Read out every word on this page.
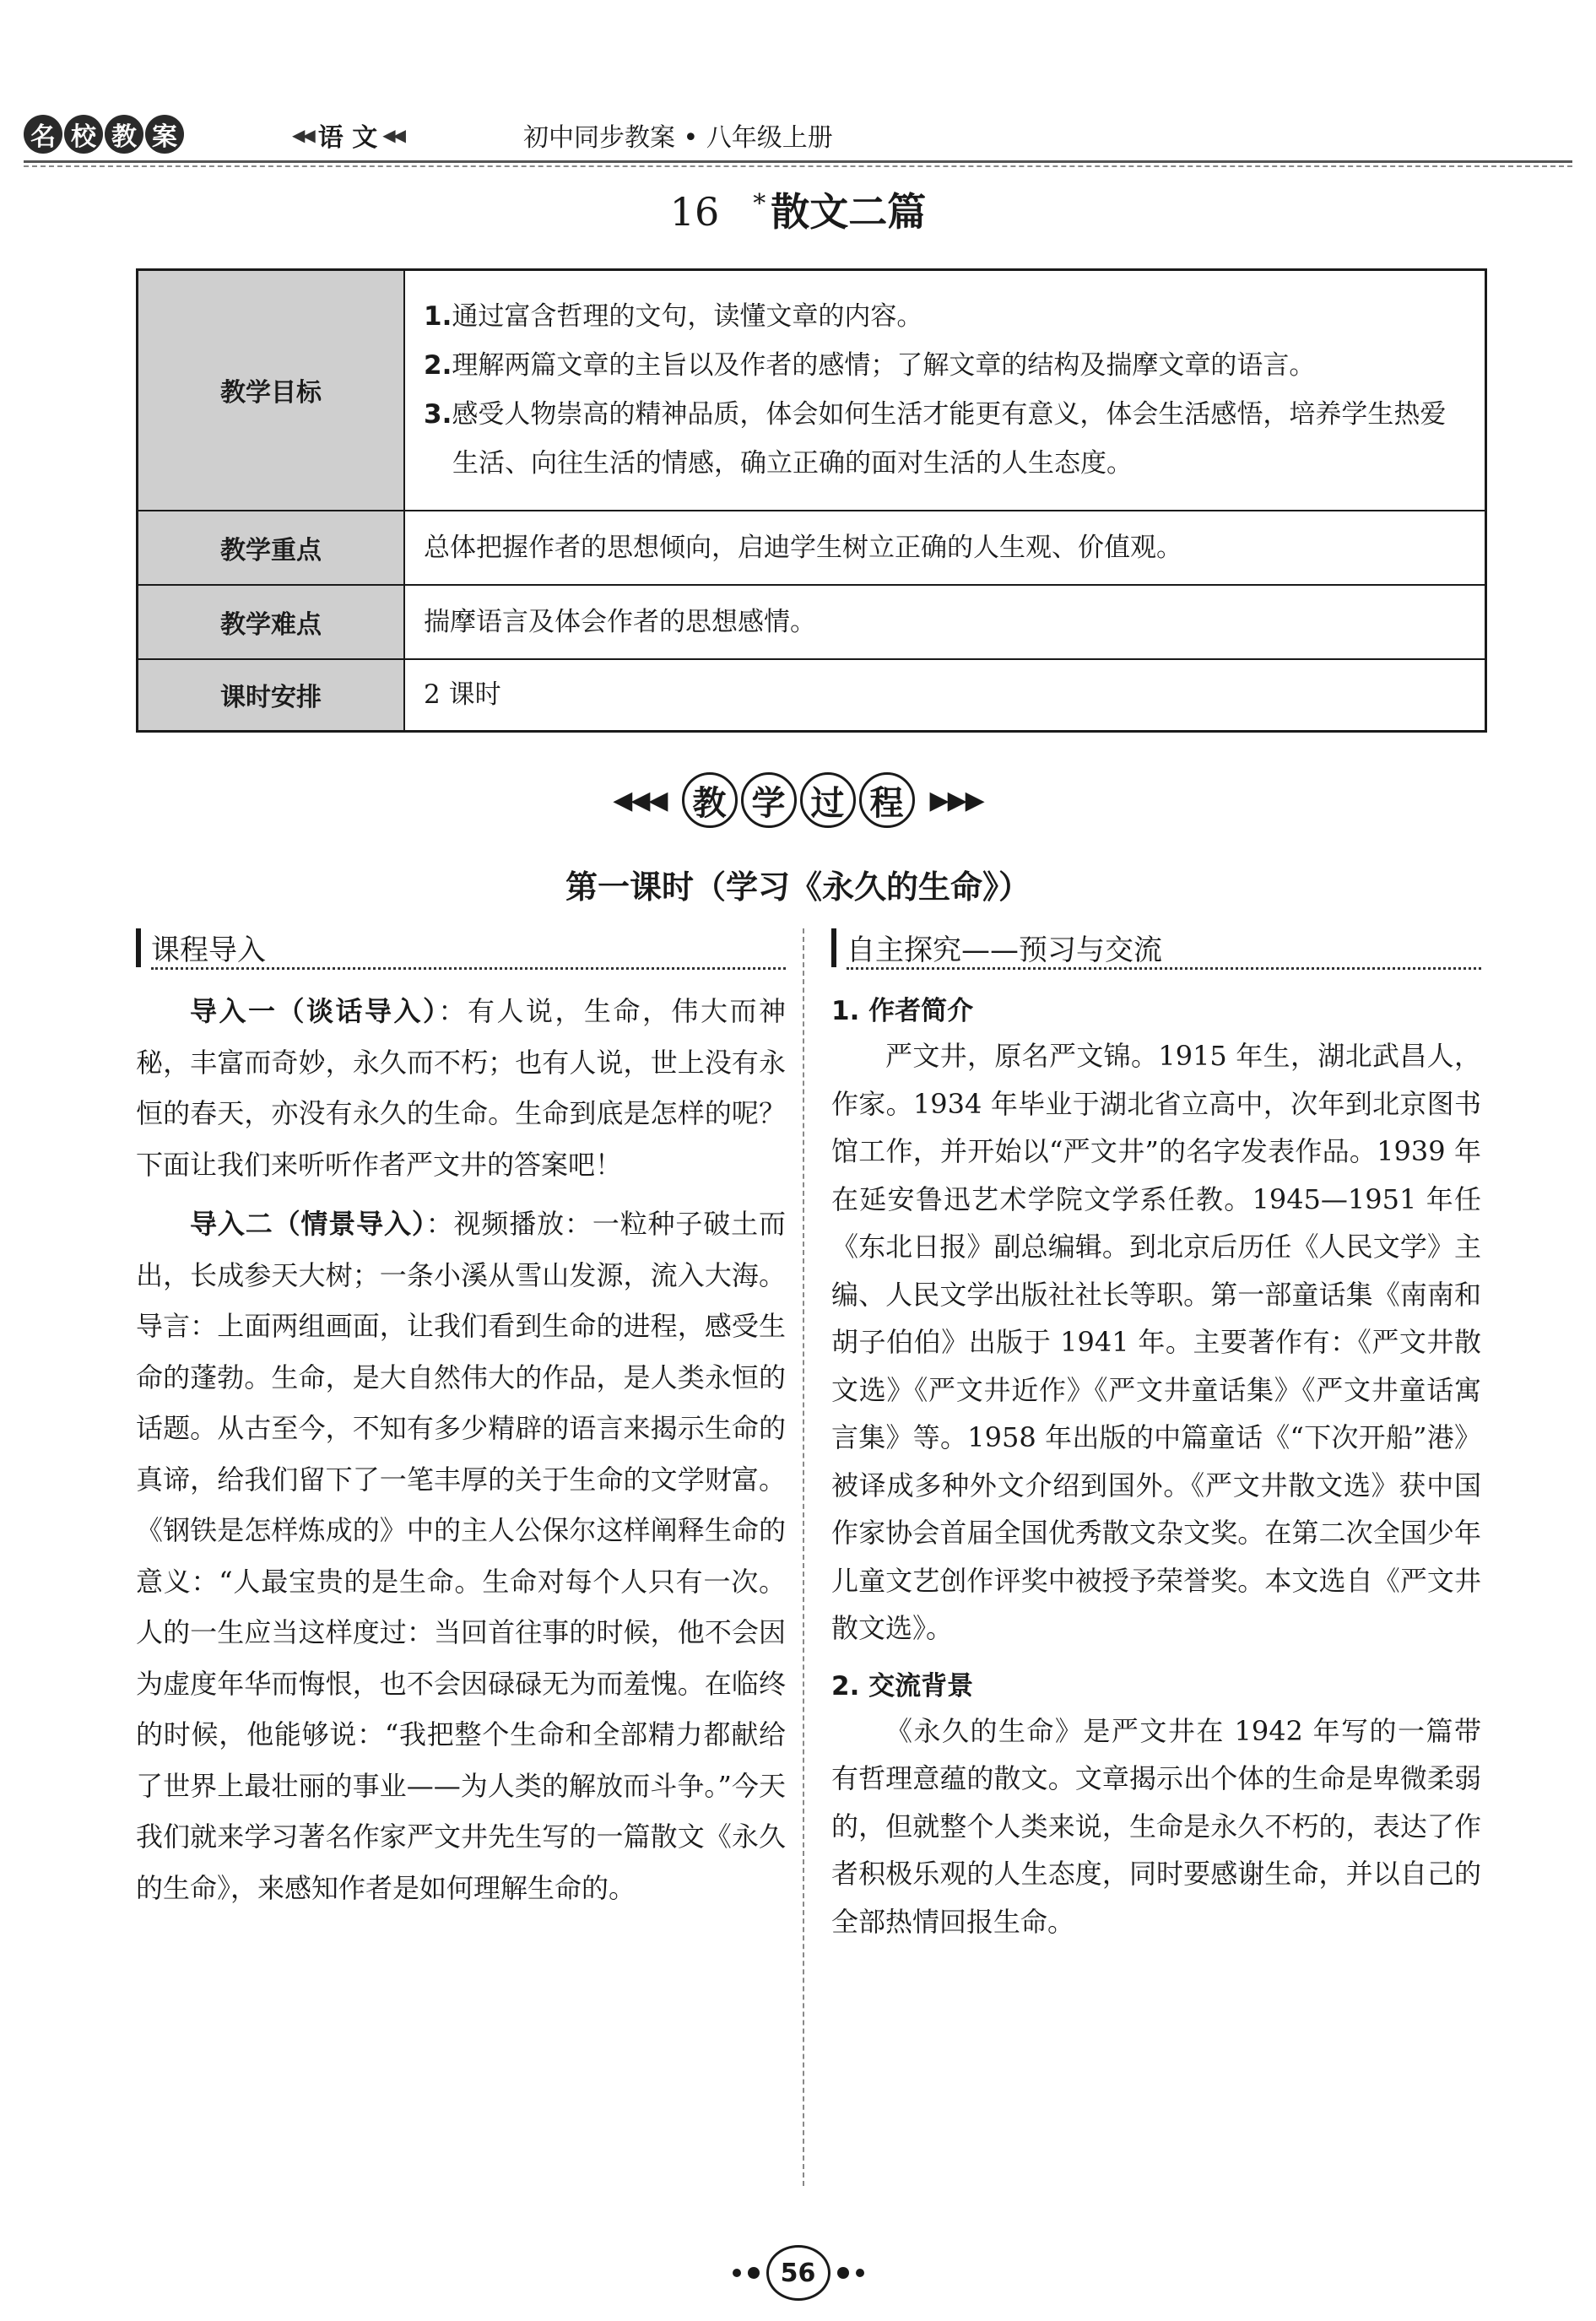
名 校 教 案	◀◀ 语 文 ◀◀	初中同步教案 • 八年级上册
16 * 散文二篇
教学目标	1.通过富含哲理的文句，读懂文章的内容。
2.理解两篇文章的主旨以及作者的感情；了解文章的结构及揣摩文章的语言。
3.感受人物崇高的精神品质，体会如何生活才能更有意义，体会生活感悟，培养学生热爱生活、向往生活的情感，确立正确的面对生活的人生态度。

教学重点	总体把握作者的思想倾向，启迪学生树立正确的人生观、价值观。
教学难点	揣摩语言及体会作者的思想感情。
课时安排	2 课时
◀◀◀ 教 学 过 程	▶▶▶
第一课时（学习《永久的生命》）
课程导入

导入一（谈话导入）：有人说，生命，伟大而神秘，丰富而奇妙，永久而不朽；也有人说，世上没有永恒的春天，亦没有永久的生命。生命到底是怎样的呢？下面让我们来听听作者严文井的答案吧！

导入二（情景导入）：视频播放：一粒种子破土而出，长成参天大树；一条小溪从雪山发源，流入大海。导言：上面两组画面，让我们看到生命的进程，感受生命的蓬勃。生命，是大自然伟大的作品，是人类永恒的话题。从古至今，不知有多少精辟的语言来揭示生命的真谛，给我们留下了一笔丰厚的关于生命的文学财富。《钢铁是怎样炼成的》中的主人公保尔这样阐释生命的意义：“人最宝贵的是生命。生命对每个人只有一次。人的一生应当这样度过：当回首往事的时候，他不会因为虚度年华而悔恨，也不会因碌碌无为而羞愧。在临终的时候，他能够说：“我把整个生命和全部精力都献给了世界上最壮丽的事业——为人类的解放而斗争。”今天我们就来学习著名作家严文井先生写的一篇散文《永久的生命》，来感知作者是如何理解生命的。

自主探究——预习与交流
1. 作者简介

严文井，原名严文锦。1915 年生，湖北武昌人，作家。1934 年毕业于湖北省立高中，次年到北京图书馆工作，并开始以“严文井”的名字发表作品。1939 年在延安鲁迅艺术学院文学系任教。1945—1951 年任《东北日报》副总编辑。到北京后历任《人民文学》主编、人民文学出版社社长等职。第一部童话集《南南和胡子伯伯》出版于 1941 年。主要著作有：《严文井散文选》《严文井近作》《严文井童话集》《严文井童话寓言集》等。1958 年出版的中篇童话《“下次开船”港》被译成多种外文介绍到国外。《严文井散文选》获中国作家协会首届全国优秀散文杂文奖。在第二次全国少年儿童文艺创作评奖中被授予荣誉奖。本文选自《严文井散文选》。

2. 交流背景

《永久的生命》是严文井在 1942 年写的一篇带有哲理意蕴的散文。文章揭示出个体的生命是卑微柔弱的，但就整个人类来说，生命是永久不朽的，表达了作者积极乐观的人生态度，同时要感谢生命，并以自己的全部热情回报生命。

56
